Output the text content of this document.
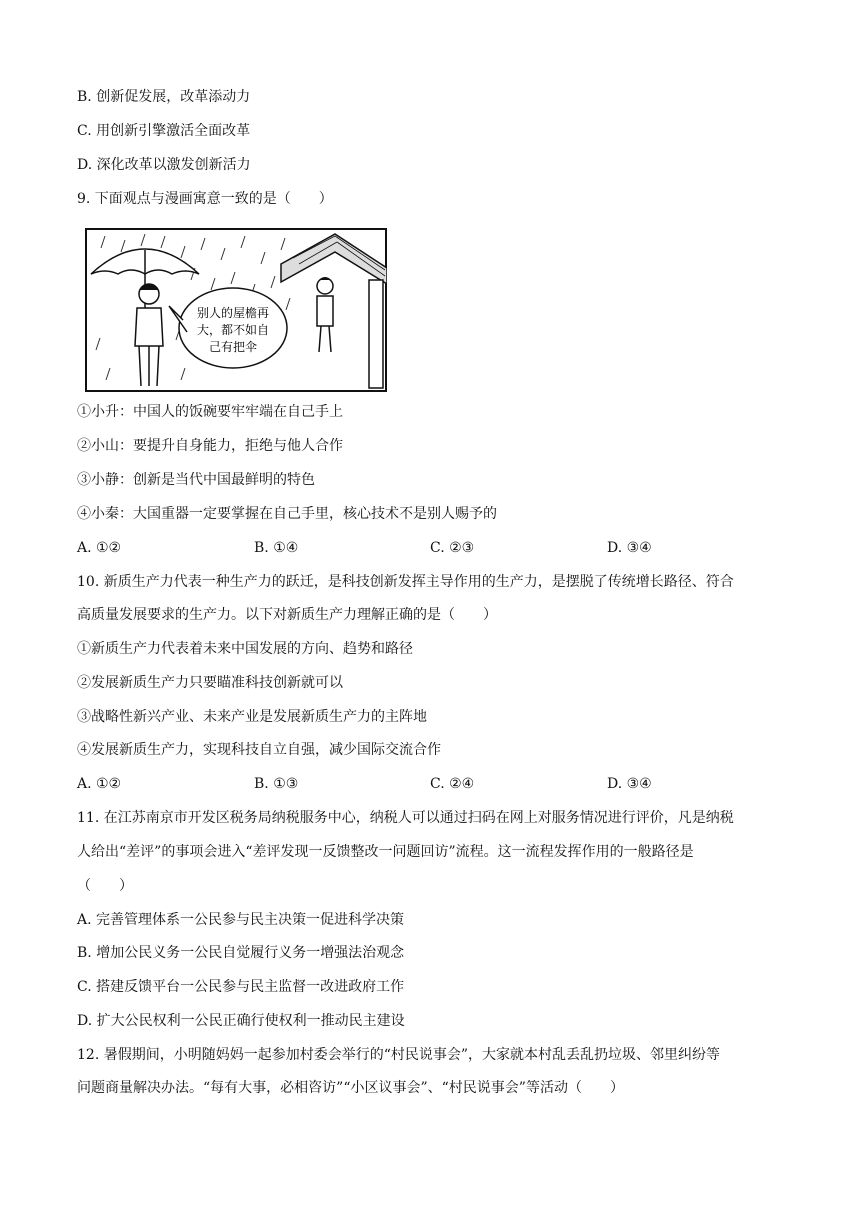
B. 创新促发展，改革添动力
C. 用创新引擎激活全面改革
D. 深化改革以激发创新活力
9. 下面观点与漫画寓意一致的是（　　）
别人的屋檐再
大，都不如自
己有把伞
①小升：中国人的饭碗要牢牢端在自己手上
②小山：要提升自身能力，拒绝与他人合作
③小静：创新是当代中国最鲜明的特色
④小秦：大国重器一定要掌握在自己手里，核心技术不是别人赐予的
A. ①②	B. ①④	C. ②③	D. ③④
10. 新质生产力代表一种生产力的跃迁，是科技创新发挥主导作用的生产力，是摆脱了传统增长路径、符合
高质量发展要求的生产力。以下对新质生产力理解正确的是（　　）
①新质生产力代表着未来中国发展的方向、趋势和路径
②发展新质生产力只要瞄准科技创新就可以
③战略性新兴产业、未来产业是发展新质生产力的主阵地
④发展新质生产力，实现科技自立自强，减少国际交流合作
A. ①②	B. ①③	C. ②④	D. ③④
11. 在江苏南京市开发区税务局纳税服务中心，纳税人可以通过扫码在网上对服务情况进行评价，凡是纳税
人给出“差评”的事项会进入“差评发现一反馈整改一问题回访”流程。这一流程发挥作用的一般路径是
（　　）
A. 完善管理体系一公民参与民主决策一促进科学决策
B. 增加公民义务一公民自觉履行义务一增强法治观念
C. 搭建反馈平台一公民参与民主监督一改进政府工作
D. 扩大公民权利一公民正确行使权利一推动民主建设
12. 暑假期间，小明随妈妈一起参加村委会举行的“村民说事会”，大家就本村乱丢乱扔垃圾、邻里纠纷等
问题商量解决办法。“每有大事，必相咨访”“小区议事会”、“村民说事会”等活动（　　）
